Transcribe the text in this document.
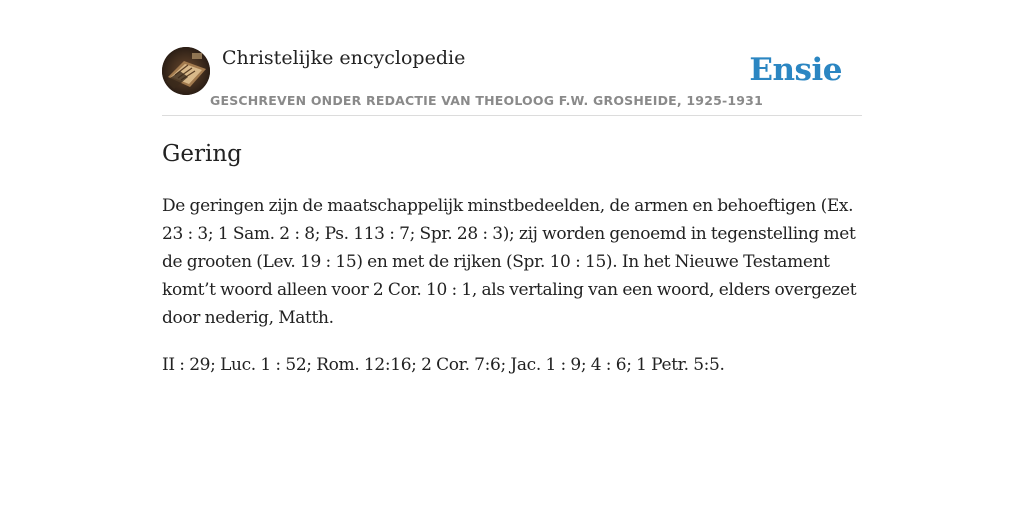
Christelijke encyclopedie
GESCHREVEN ONDER REDACTIE VAN THEOLOOG F.W. GROSHEIDE, 1925-1931
Ensie
Gering

De geringen zijn de maatschappelijk minstbedeelden, de armen en behoeftigen (Ex. 23 : 3; 1 Sam. 2 : 8; Ps. 113 : 7; Spr. 28 : 3); zij worden genoemd in tegenstelling met de grooten (Lev. 19 : 15) en met de rijken (Spr. 10 : 15). In het Nieuwe Testament komt’t woord alleen voor 2 Cor. 10 : 1, als vertaling van een woord, elders overgezet door nederig, Matth.

II : 29; Luc. 1 : 52; Rom. 12:16; 2 Cor. 7:6; Jac. 1 : 9; 4 : 6; 1 Petr. 5:5.
